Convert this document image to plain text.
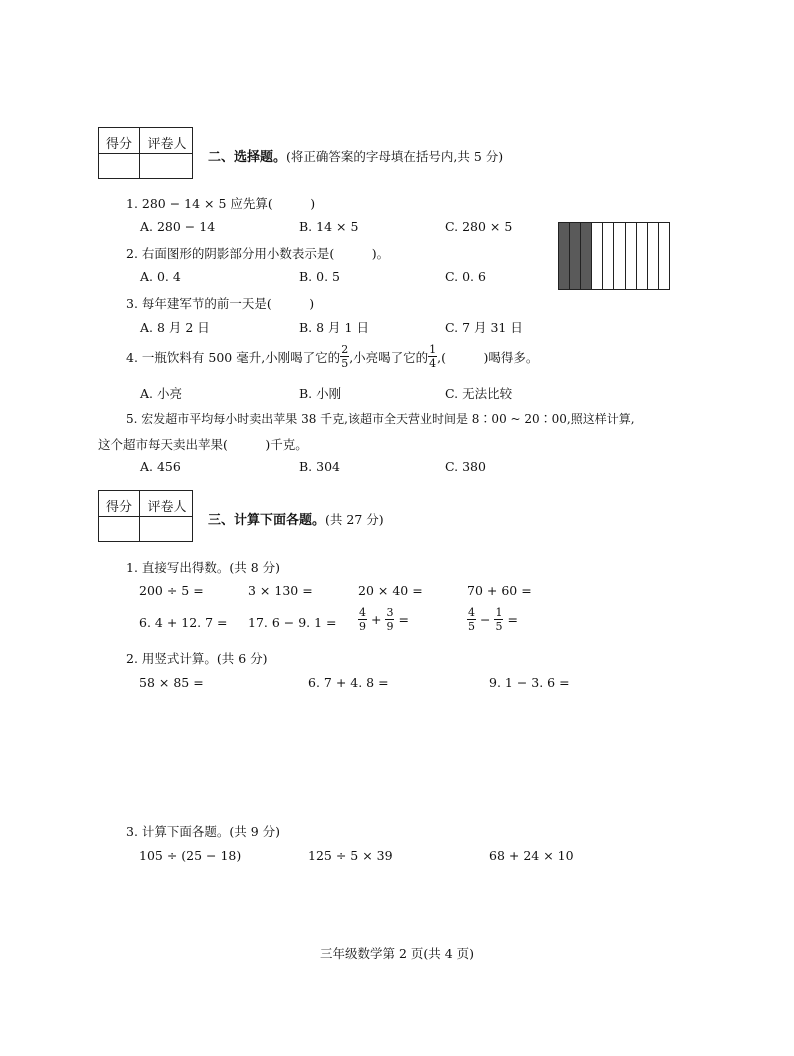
得分	评卷人
二、选择题。(将正确答案的字母填在括号内,共 5 分)
1. 280 − 14 × 5 应先算(　　　)
A. 280 − 14	B. 14 × 5	C. 280 × 5
2. 右面图形的阴影部分用小数表示是(　　　)。
A. 0. 4	B. 0. 5	C. 0. 6
3. 每年建军节的前一天是(　　　)
A. 8 月 2 日	B. 8 月 1 日	C. 7 月 31 日
4. 一瓶饮料有 500 毫升,小刚喝了它的 $\frac{2}{5}$ ,小亮喝了它的 $\frac{1}{4}$ ,(　　　)喝得多。
A. 小亮	B. 小刚	C. 无法比较
5. 宏发超市平均每小时卖出苹果 38 千克,该超市全天营业时间是 8∶00 ~ 20∶00,照这样计算,
这个超市每天卖出苹果(　　　)千克。
A. 456	B. 304	C. 380
得分	评卷人
三、计算下面各题。(共 27 分)
1. 直接写出得数。(共 8 分)
200 ÷ 5 =	3 × 130 =	20 × 40 =	70 + 60 =
6. 4 + 12. 7 = 17. 6 − 9. $1 = \frac{4}{9} + \frac{3}{9}$ =	$\frac{4}{5} - \frac{1}{5}$ =
2. 用竖式计算。(共 6 分)
58 × 85 =	6. 7 + 4. 8 =	9. 1 − 3. 6 =
3. 计算下面各题。(共 9 分)
105 ÷ (25 − 18)	125 ÷ 5 × 39	68 + 24 × 10
三年级数学第 2 页(共 4 页)
